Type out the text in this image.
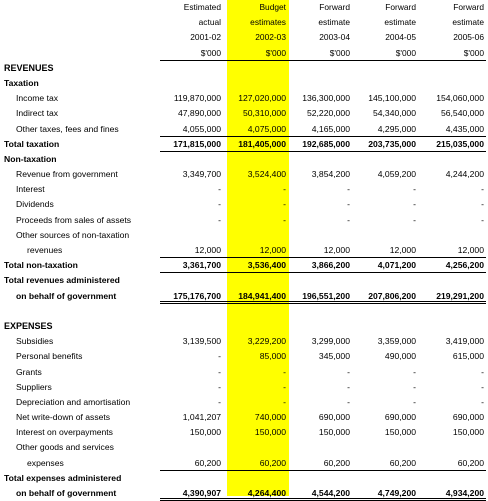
Estimated	Budget	Forward	Forward	Forward
actual	estimates	estimate	estimate	estimate
2001-02	2002-03	2003-04	2004-05	2005-06
$'000	$'000	$'000	$'000	$'000
REVENUES
Taxation
Income tax	119,870,000	127,020,000	136,300,000	145,100,000	154,060,000
Indirect tax	47,890,000	50,310,000	52,220,000	54,340,000	56,540,000
Other taxes, fees and fines	4,055,000	4,075,000	4,165,000	4,295,000	4,435,000
Total taxation	171,815,000	181,405,000	192,685,000	203,735,000	215,035,000
Non-taxation
Revenue from government	3,349,700	3,524,400	3,854,200	4,059,200	4,244,200
Interest	-	-	-	-	-
Dividends	-	-	-	-	-
Proceeds from sales of assets	-	-	-	-	-
Other sources of non-taxation
revenues	12,000	12,000	12,000	12,000	12,000
Total non-taxation	3,361,700	3,536,400	3,866,200	4,071,200	4,256,200
Total revenues administered
on behalf of government	175,176,700	184,941,400	196,551,200	207,806,200	219,291,200
EXPENSES
Subsidies	3,139,500	3,229,200	3,299,000	3,359,000	3,419,000
Personal benefits	-	85,000	345,000	490,000	615,000
Grants	-	-	-	-	-
Suppliers	-	-	-	-	-
Depreciation and amortisation	-	-	-	-	-
Net write-down of assets	1,041,207	740,000	690,000	690,000	690,000
Interest on overpayments	150,000	150,000	150,000	150,000	150,000
Other goods and services
expenses	60,200	60,200	60,200	60,200	60,200
Total expenses administered
on behalf of government	4,390,907	4,264,400	4,544,200	4,749,200	4,934,200
